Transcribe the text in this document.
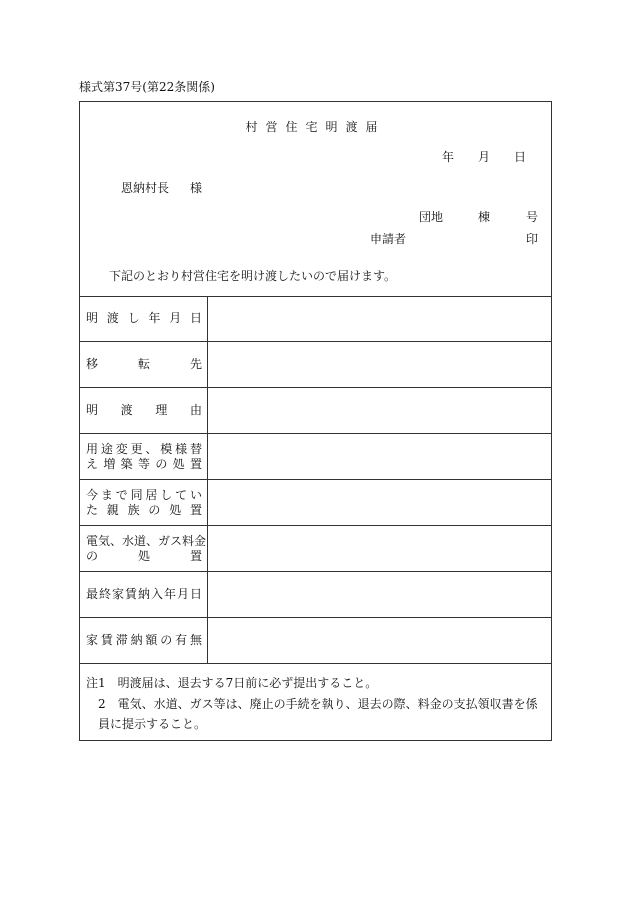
様式第37号(第22条関係)
村営住宅明渡届
年 月 日
恩納村長 様
団地	棟	号
申請者	印
下記のとおり村営住宅を明け渡したいので届けます。
明渡し年月日
移転先
明渡理由
用途変更、模様替
え増築等の処置
今まで同居してい
た親族の処置
電気、水道、ガス料金
の処置
最終家賃納入年月日
家賃滞納額の有無
注1　明渡届は、退去する7日前に必ず提出すること。
2　電気、水道、ガス等は、廃止の手続を執り、退去の際、料金の支払領収書を係員に提示すること。
